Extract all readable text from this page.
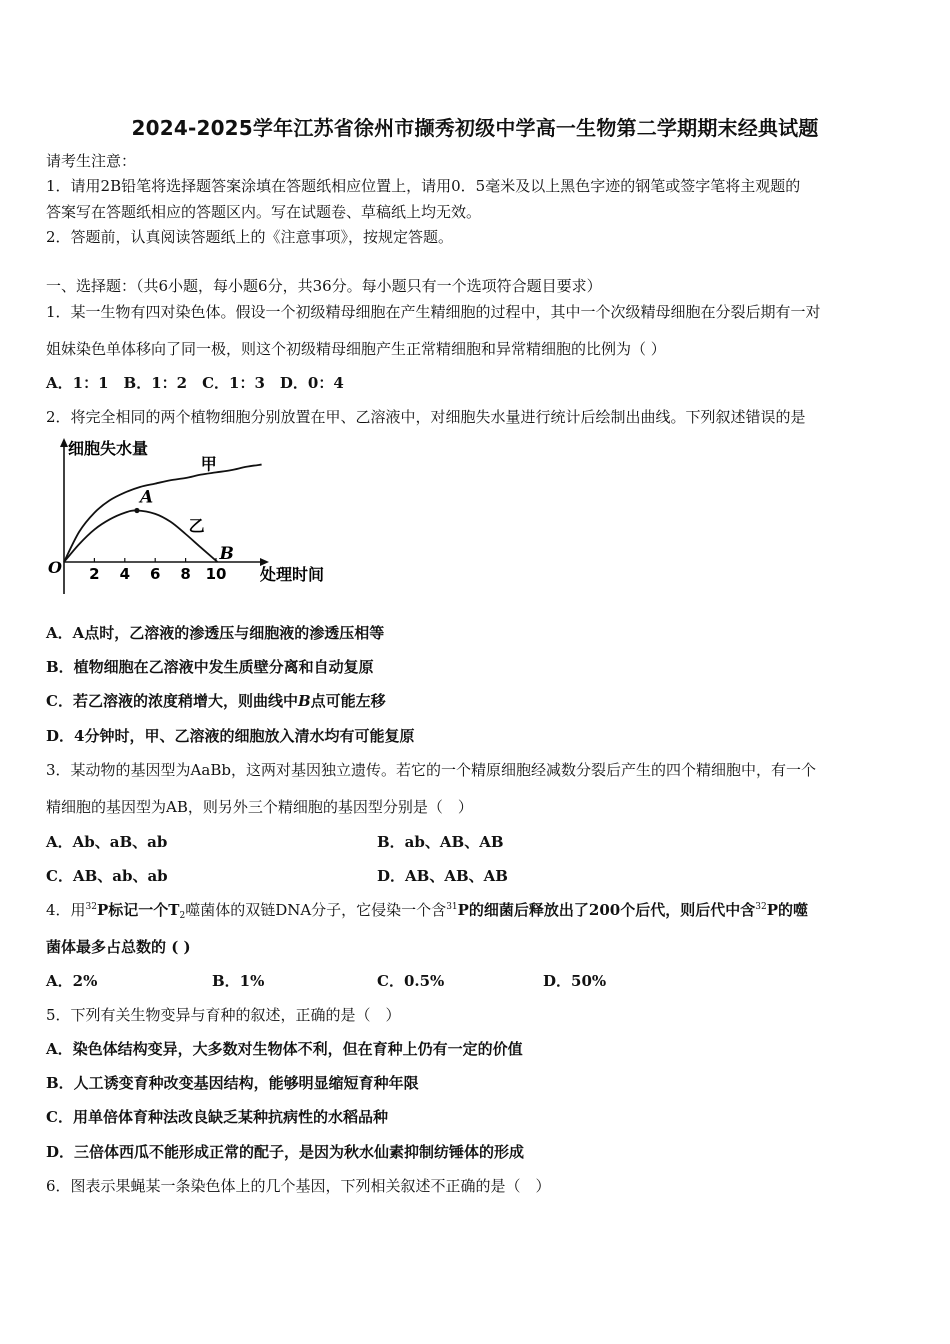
2024-2025学年江苏省徐州市撷秀初级中学高一生物第二学期期末经典试题
请考生注意：
1．请用2B铅笔将选择题答案涂填在答题纸相应位置上，请用0．5毫米及以上黑色字迹的钢笔或签字笔将主观题的
答案写在答题纸相应的答题区内。写在试题卷、草稿纸上均无效。
2．答题前，认真阅读答题纸上的《注意事项》，按规定答题。
一、选择题：（共6小题，每小题6分，共36分。每小题只有一个选项符合题目要求）
1．某一生物有四对染色体。假设一个初级精母细胞在产生精细胞的过程中，其中一个次级精母细胞在分裂后期有一对
姐妹染色单体移向了同一极，则这个初级精母细胞产生正常精细胞和异常精细胞的比例为（ ）
A．1：1　B．1：2　C．1：3　D．0：4
2．将完全相同的两个植物细胞分别放置在甲、乙溶液中，对细胞失水量进行统计后绘制出曲线。下列叙述错误的是
细胞失水量
处理时间
O 2 4 6 8 10
甲
乙
A
B
A．A点时，乙溶液的渗透压与细胞液的渗透压相等
B．植物细胞在乙溶液中发生质壁分离和自动复原
C．若乙溶液的浓度稍增大，则曲线中B点可能左移
D．4分钟时，甲、乙溶液的细胞放入清水均有可能复原
3．某动物的基因型为AaBb，这两对基因独立遗传。若它的一个精原细胞经减数分裂后产生的四个精细胞中，有一个
精细胞的基因型为AB，则另外三个精细胞的基因型分别是（　）
A．Ab、aB、ab	B．ab、AB、AB
C．AB、ab、ab	D．AB、AB、AB
4．用$^{32}$P标记一个$T_2$噬菌体的双链DNA分子，它侵染一个含$^{31}$P的细菌后释放出了200个后代，则后代中含$^{32}$P的噬
菌体最多占总数的 ( )
A．2%	B．1%	C．0.5%	D．50%
5．下列有关生物变异与育种的叙述，正确的是（　）
A．染色体结构变异，大多数对生物体不利，但在育种上仍有一定的价值
B．人工诱变育种改变基因结构，能够明显缩短育种年限
C．用单倍体育种法改良缺乏某种抗病性的水稻品种
D．三倍体西瓜不能形成正常的配子，是因为秋水仙素抑制纺锤体的形成
6．图表示果蝇某一条染色体上的几个基因，下列相关叙述不正确的是（　）
